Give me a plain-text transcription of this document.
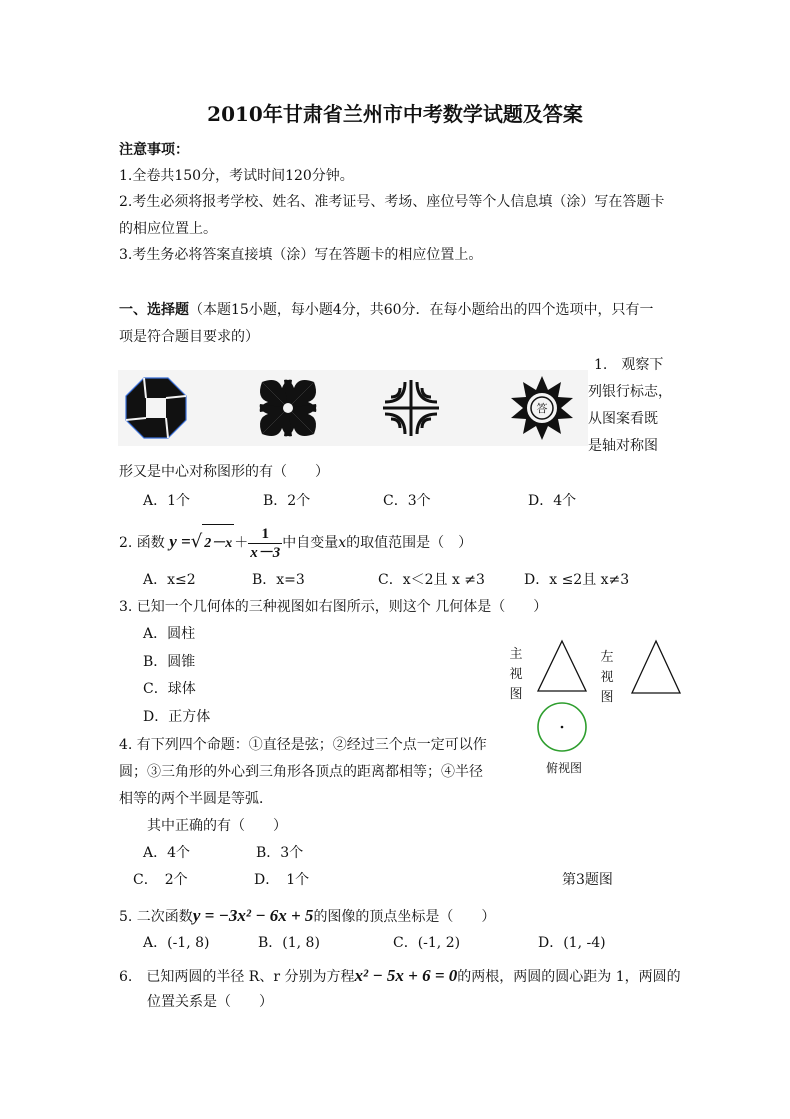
2010年甘肃省兰州市中考数学试题及答案
注意事项：
1.全卷共150分，考试时间120分钟。
2.考生必须将报考学校、姓名、准考证号、考场、座位号等个人信息填（涂）写在答题卡
的相应位置上。
3.考生务必将答案直接填（涂）写在答题卡的相应位置上。
一、选择题（本题15小题，每小题4分，共60分．在每小题给出的四个选项中，只有一
项是符合题目要求的）
答
1.　观察下
列银行标志，
从图案看既
是轴对称图
形又是中心对称图形的有（　　）
A．1个	B．2个	C．3个	D．4个
2. 函数 y =√ $2-x + \frac{1}{x-3}$ 中自变量x的取值范围是（　）
A．x≤2	B．x=3	C．x＜2且 x ≠3	D．x ≤2且 x≠3
3. 已知一个几何体的三种视图如右图所示，则这个 几何体是（　　）
A．圆柱
B．圆锥
C．球体
D．正方体
主视图
左视图
俯视图
第3题图
4. 有下列四个命题：①直径是弦；②经过三个点一定可以作
圆；③三角形的外心到三角形各顶点的距离都相等；④半径
相等的两个半圆是等弧．
其中正确的有（　　）
A．4个	B．3个
C．　2个	D．　1个
5. 二次函数y = −3x² − 6x + 5的图像的顶点坐标是（　　）
A．(-1, 8)	B．(1, 8)	C．(-1, 2)	D．(1, -4)
6.　已知两圆的半径 R、r 分别为方程x² − 5x + 6 = 0的两根，两圆的圆心距为 1，两圆的
位置关系是（　　）
